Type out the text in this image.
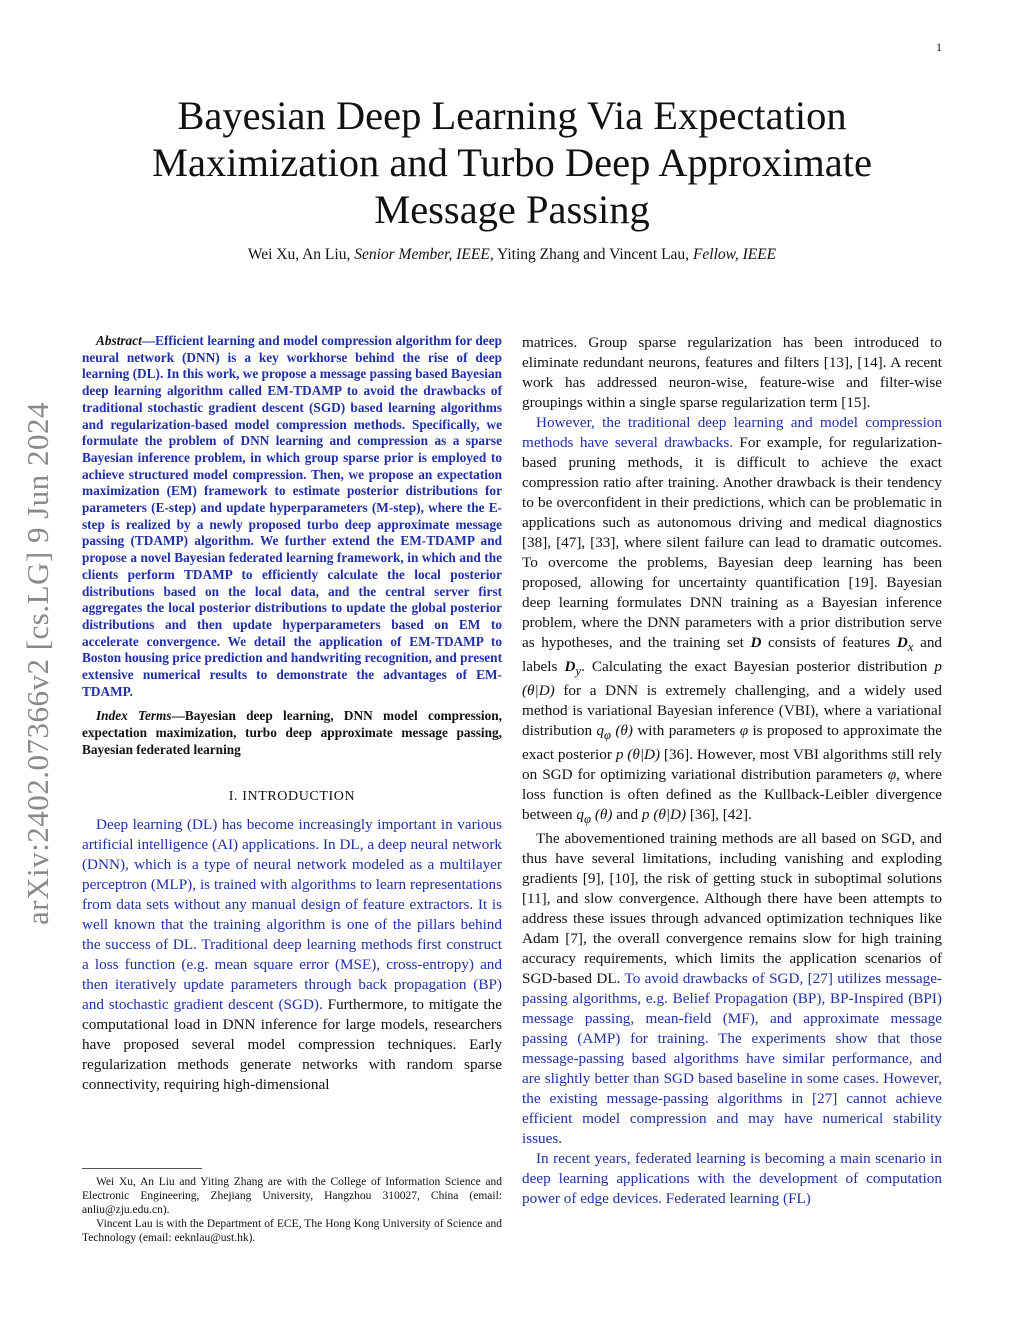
1
arXiv:2402.07366v2 [cs.LG] 9 Jun 2024
Bayesian Deep Learning Via Expectation
Maximization and Turbo Deep Approximate
Message Passing
Wei Xu, An Liu, Senior Member, IEEE, Yiting Zhang and Vincent Lau, Fellow, IEEE
Abstract—Efficient learning and model compression algorithm for deep neural network (DNN) is a key workhorse behind the rise of deep learning (DL). In this work, we propose a message passing based Bayesian deep learning algorithm called EM-TDAMP to avoid the drawbacks of traditional stochastic gradient descent (SGD) based learning algorithms and regularization-based model compression methods. Specifically, we formulate the problem of DNN learning and compression as a sparse Bayesian inference problem, in which group sparse prior is employed to achieve structured model compression. Then, we propose an expectation maximization (EM) framework to estimate posterior distributions for parameters (E-step) and update hyperparameters (M-step), where the E-step is realized by a newly proposed turbo deep approximate message passing (TDAMP) algorithm. We further extend the EM-TDAMP and propose a novel Bayesian federated learning framework, in which and the clients perform TDAMP to efficiently calculate the local posterior distributions based on the local data, and the central server first aggregates the local posterior distributions to update the global posterior distributions and then update hyperparameters based on EM to accelerate convergence. We detail the application of EM-TDAMP to Boston housing price prediction and handwriting recognition, and present extensive numerical results to demonstrate the advantages of EM-TDAMP.
Index Terms—Bayesian deep learning, DNN model compression, expectation maximization, turbo deep approximate message passing, Bayesian federated learning
I. INTRODUCTION

Deep learning (DL) has become increasingly important in various artificial intelligence (AI) applications. In DL, a deep neural network (DNN), which is a type of neural network modeled as a multilayer perceptron (MLP), is trained with algorithms to learn representations from data sets without any manual design of feature extractors. It is well known that the training algorithm is one of the pillars behind the success of DL. Traditional deep learning methods first construct a loss function (e.g. mean square error (MSE), cross-entropy) and then iteratively update parameters through back propagation (BP) and stochastic gradient descent (SGD). Furthermore, to mitigate the computational load in DNN inference for large models, researchers have proposed several model compression techniques. Early regularization methods generate networks with random sparse connectivity, requiring high-dimensional

Wei Xu, An Liu and Yiting Zhang are with the College of Information Science and Electronic Engineering, Zhejiang University, Hangzhou 310027, China (email: anliu@zju.edu.cn).

Vincent Lau is with the Department of ECE, The Hong Kong University of Science and Technology (email: eeknlau@ust.hk).

matrices. Group sparse regularization has been introduced to eliminate redundant neurons, features and filters [13], [14]. A recent work has addressed neuron-wise, feature-wise and filter-wise groupings within a single sparse regularization term [15].

However, the traditional deep learning and model compression methods have several drawbacks. For example, for regularization-based pruning methods, it is difficult to achieve the exact compression ratio after training. Another drawback is their tendency to be overconfident in their predictions, which can be problematic in applications such as autonomous driving and medical diagnostics [38], [47], [33], where silent failure can lead to dramatic outcomes. To overcome the problems, Bayesian deep learning has been proposed, allowing for uncertainty quantification [19]. Bayesian deep learning formulates DNN training as a Bayesian inference problem, where the DNN parameters with a prior distribution serve as hypotheses, and the training set D consists of features $D_x$ and labels $D_y$. Calculating the exact Bayesian posterior distribution p (θ|D) for a DNN is extremely challenging, and a widely used method is variational Bayesian inference (VBI), where a variational distribution $q_\varphi$ (θ) with parameters φ is proposed to approximate the exact posterior p (θ|D) [36]. However, most VBI algorithms still rely on SGD for optimizing variational distribution parameters φ, where loss function is often defined as the Kullback-Leibler divergence between $q_\varphi$ (θ) and p (θ|D) [36], [42].

The abovementioned training methods are all based on SGD, and thus have several limitations, including vanishing and exploding gradients [9], [10], the risk of getting stuck in suboptimal solutions [11], and slow convergence. Although there have been attempts to address these issues through advanced optimization techniques like Adam [7], the overall convergence remains slow for high training accuracy requirements, which limits the application scenarios of SGD-based DL. To avoid drawbacks of SGD, [27] utilizes message-passing algorithms, e.g. Belief Propagation (BP), BP-Inspired (BPI) message passing, mean-field (MF), and approximate message passing (AMP) for training. The experiments show that those message-passing based algorithms have similar performance, and are slightly better than SGD based baseline in some cases. However, the existing message-passing algorithms in [27] cannot achieve efficient model compression and may have numerical stability issues.

In recent years, federated learning is becoming a main scenario in deep learning applications with the development of computation power of edge devices. Federated learning (FL)
